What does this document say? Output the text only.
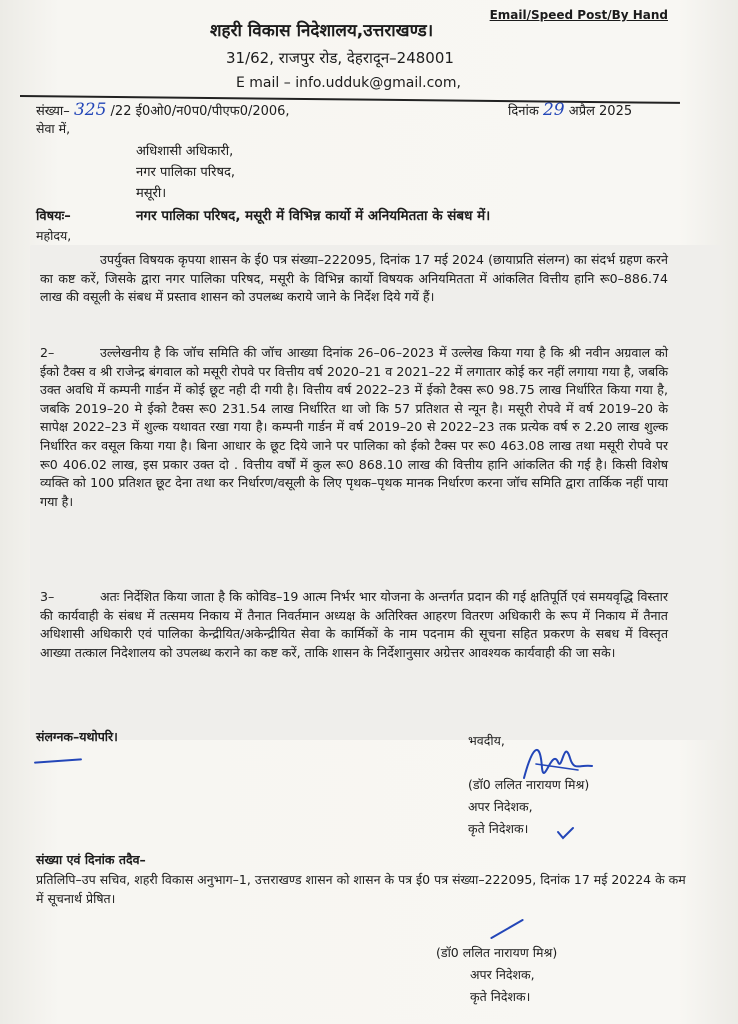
Email/Speed Post/By Hand
शहरी विकास निदेशालय,उत्तराखण्ड।
31/62, राजपुर रोड, देहरादून–248001
E mail – info.udduk@gmail.com,
संख्या– 325 /22 ई0ओ0/न0प0/पीएफ0/2006,	दिनांक 29 अप्रैल 2025
सेवा में,
अधिशासी अधिकारी,
नगर पालिका परिषद,
मसूरी।
विषयः–	नगर पालिका परिषद, मसूरी में विभिन्न कार्यो में अनियमितता के संबध में।
महोदय,

उपर्युक्त विषयक कृपया शासन के ई0 पत्र संख्या–222095, दिनांक 17 मई 2024 (छायाप्रति संलग्न) का संदर्भ ग्रहण करने का कष्ट करें, जिसके द्वारा नगर पालिका परिषद, मसूरी के विभिन्न कार्यो विषयक अनियमितता में आंकलित वित्तीय हानि रू0–886.74 लाख की वसूली के संबध में प्रस्ताव शासन को उपलब्ध कराये जाने के निर्देश दिये गयें हैं।

2–	उल्लेखनीय है कि जॉच समिति की जॉच आख्या दिनांक 26–06–2023 में उल्लेख किया गया है कि श्री नवीन अग्रवाल को ईको टैक्स व श्री राजेन्द्र बंगवाल को मसूरी रोपवे पर वित्तीय वर्ष 2020–21 व 2021–22 में लगातार कोई कर नहीं लगाया गया है, जबकि उक्त अवधि में कम्पनी गार्डन में कोई छूट नही दी गयी है। वित्तीय वर्ष 2022–23 में ईको टैक्स रू0 98.75 लाख निर्धारित किया गया है, जबकि 2019–20 मे ईको टैक्स रू0 231.54 लाख निर्धारित था जो कि 57 प्रतिशत से न्यून है। मसूरी रोपवे में वर्ष 2019–20 के सापेक्ष 2022–23 में शुल्क यथावत रखा गया है। कम्पनी गार्डन में वर्ष 2019–20 से 2022–23 तक प्रत्येक वर्ष रु 2.20 लाख शुल्क निर्धारित कर वसूल किया गया है। बिना आधार के छूट दिये जाने पर पालिका को ईको टैक्स पर रू0 463.08 लाख तथा मसूरी रोपवे पर रू0 406.02 लाख, इस प्रकार उक्त दो . वित्तीय वर्षों में कुल रू0 868.10 लाख की वित्तीय हानि आंकलित की गई है। किसी विशेष व्यक्ति को 100 प्रतिशत छूट देना तथा कर निर्धारण/वसूली के लिए पृथक–पृथक मानक निर्धारण करना जॉच समिति द्वारा तार्किक नहीं पाया गया है।

3–	अतः निर्देशित किया जाता है कि कोविड–19 आत्म निर्भर भार योजना के अन्तर्गत प्रदान की गई क्षतिपूर्ति एवं समयवृद्धि विस्तार की कार्यवाही के संबध में तत्समय निकाय में तैनात निवर्तमान अध्यक्ष के अतिरिक्त आहरण वितरण अधिकारी के रूप में निकाय में तैनात अधिशासी अधिकारी एवं पालिका केन्द्रीयित/अकेन्द्रीयित सेवा के कार्मिकों के नाम पदनाम की सूचना सहित प्रकरण के सबध में विस्तृत आख्या तत्काल निदेशालय को उपलब्ध कराने का कष्ट करें, ताकि शासन के निर्देशानुसार अग्रेत्तर आवश्यक कार्यवाही की जा सके।

संलग्नक–यथोपरि।	भवदीय,
(डॉ0 ललित नारायण मिश्र)
अपर निदेशक,
कृते निदेशक।
संख्या एवं दिनांक तदैव–

प्रतिलिपि–उप सचिव, शहरी विकास अनुभाग–1, उत्तराखण्ड शासन को शासन के पत्र ई0 पत्र संख्या–222095, दिनांक 17 मई 20224 के कम में सूचनार्थ प्रेषित।

(डॉ0 ललित नारायण मिश्र)
अपर निदेशक,
कृते निदेशक।
